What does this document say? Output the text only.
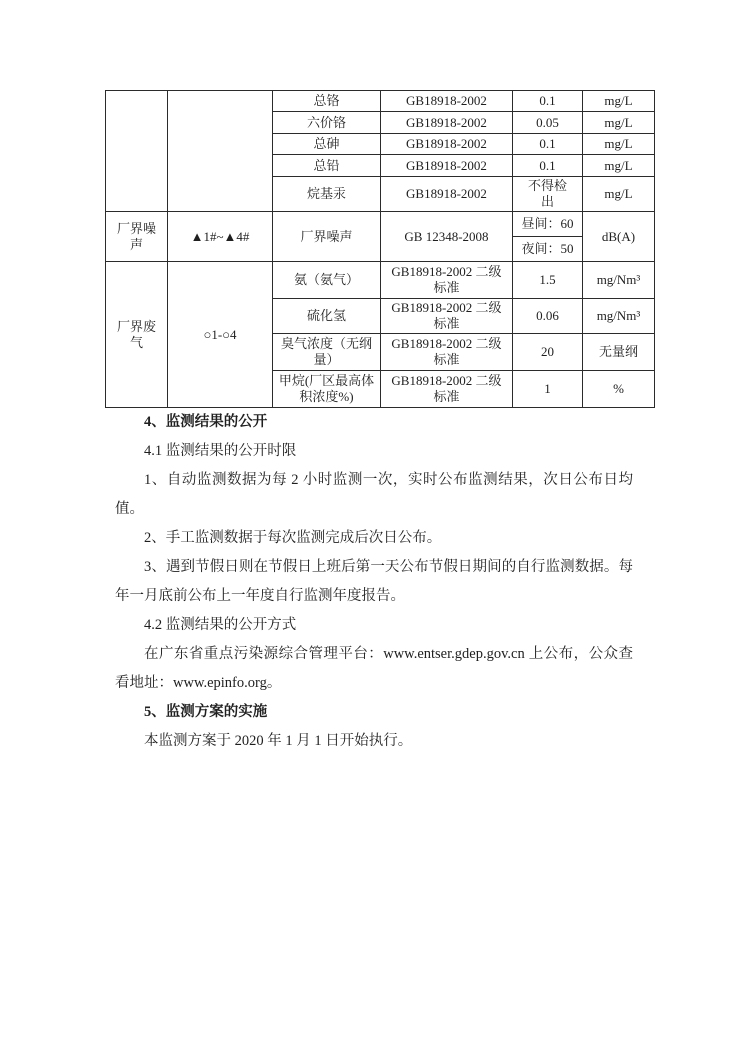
		总铬	GB18918-2002	0.1	mg/L
		六价铬	GB18918-2002	0.05	mg/L
		总砷	GB18918-2002	0.1	mg/L
		总铅	GB18918-2002	0.1	mg/L
		烷基汞	GB18918-2002	不得检出	mg/L
厂界噪声	▲1#~▲4#	厂界噪声	GB 12348-2008	昼间：60	dB(A)
				夜间：50	
厂界废气	○1-○4	氨（氨气）	GB18918-2002 二级标准	1.5	mg/Nm³
		硫化氢	GB18918-2002 二级标准	0.06	mg/Nm³
		臭气浓度（无纲量）	GB18918-2002 二级标准	20	无量纲
		甲烷(厂区最高体积浓度%)	GB18918-2002 二级标准	1	%

4、监测结果的公开

4.1 监测结果的公开时限

1、自动监测数据为每 2 小时监测一次，实时公布监测结果，次日公布日均值。

2、手工监测数据于每次监测完成后次日公布。

3、遇到节假日则在节假日上班后第一天公布节假日期间的自行监测数据。每年一月底前公布上一年度自行监测年度报告。

4.2 监测结果的公开方式

在广东省重点污染源综合管理平台：www.entser.gdep.gov.cn 上公布，公众查看地址：www.epinfo.org。

5、监测方案的实施

本监测方案于 2020 年 1 月 1 日开始执行。
